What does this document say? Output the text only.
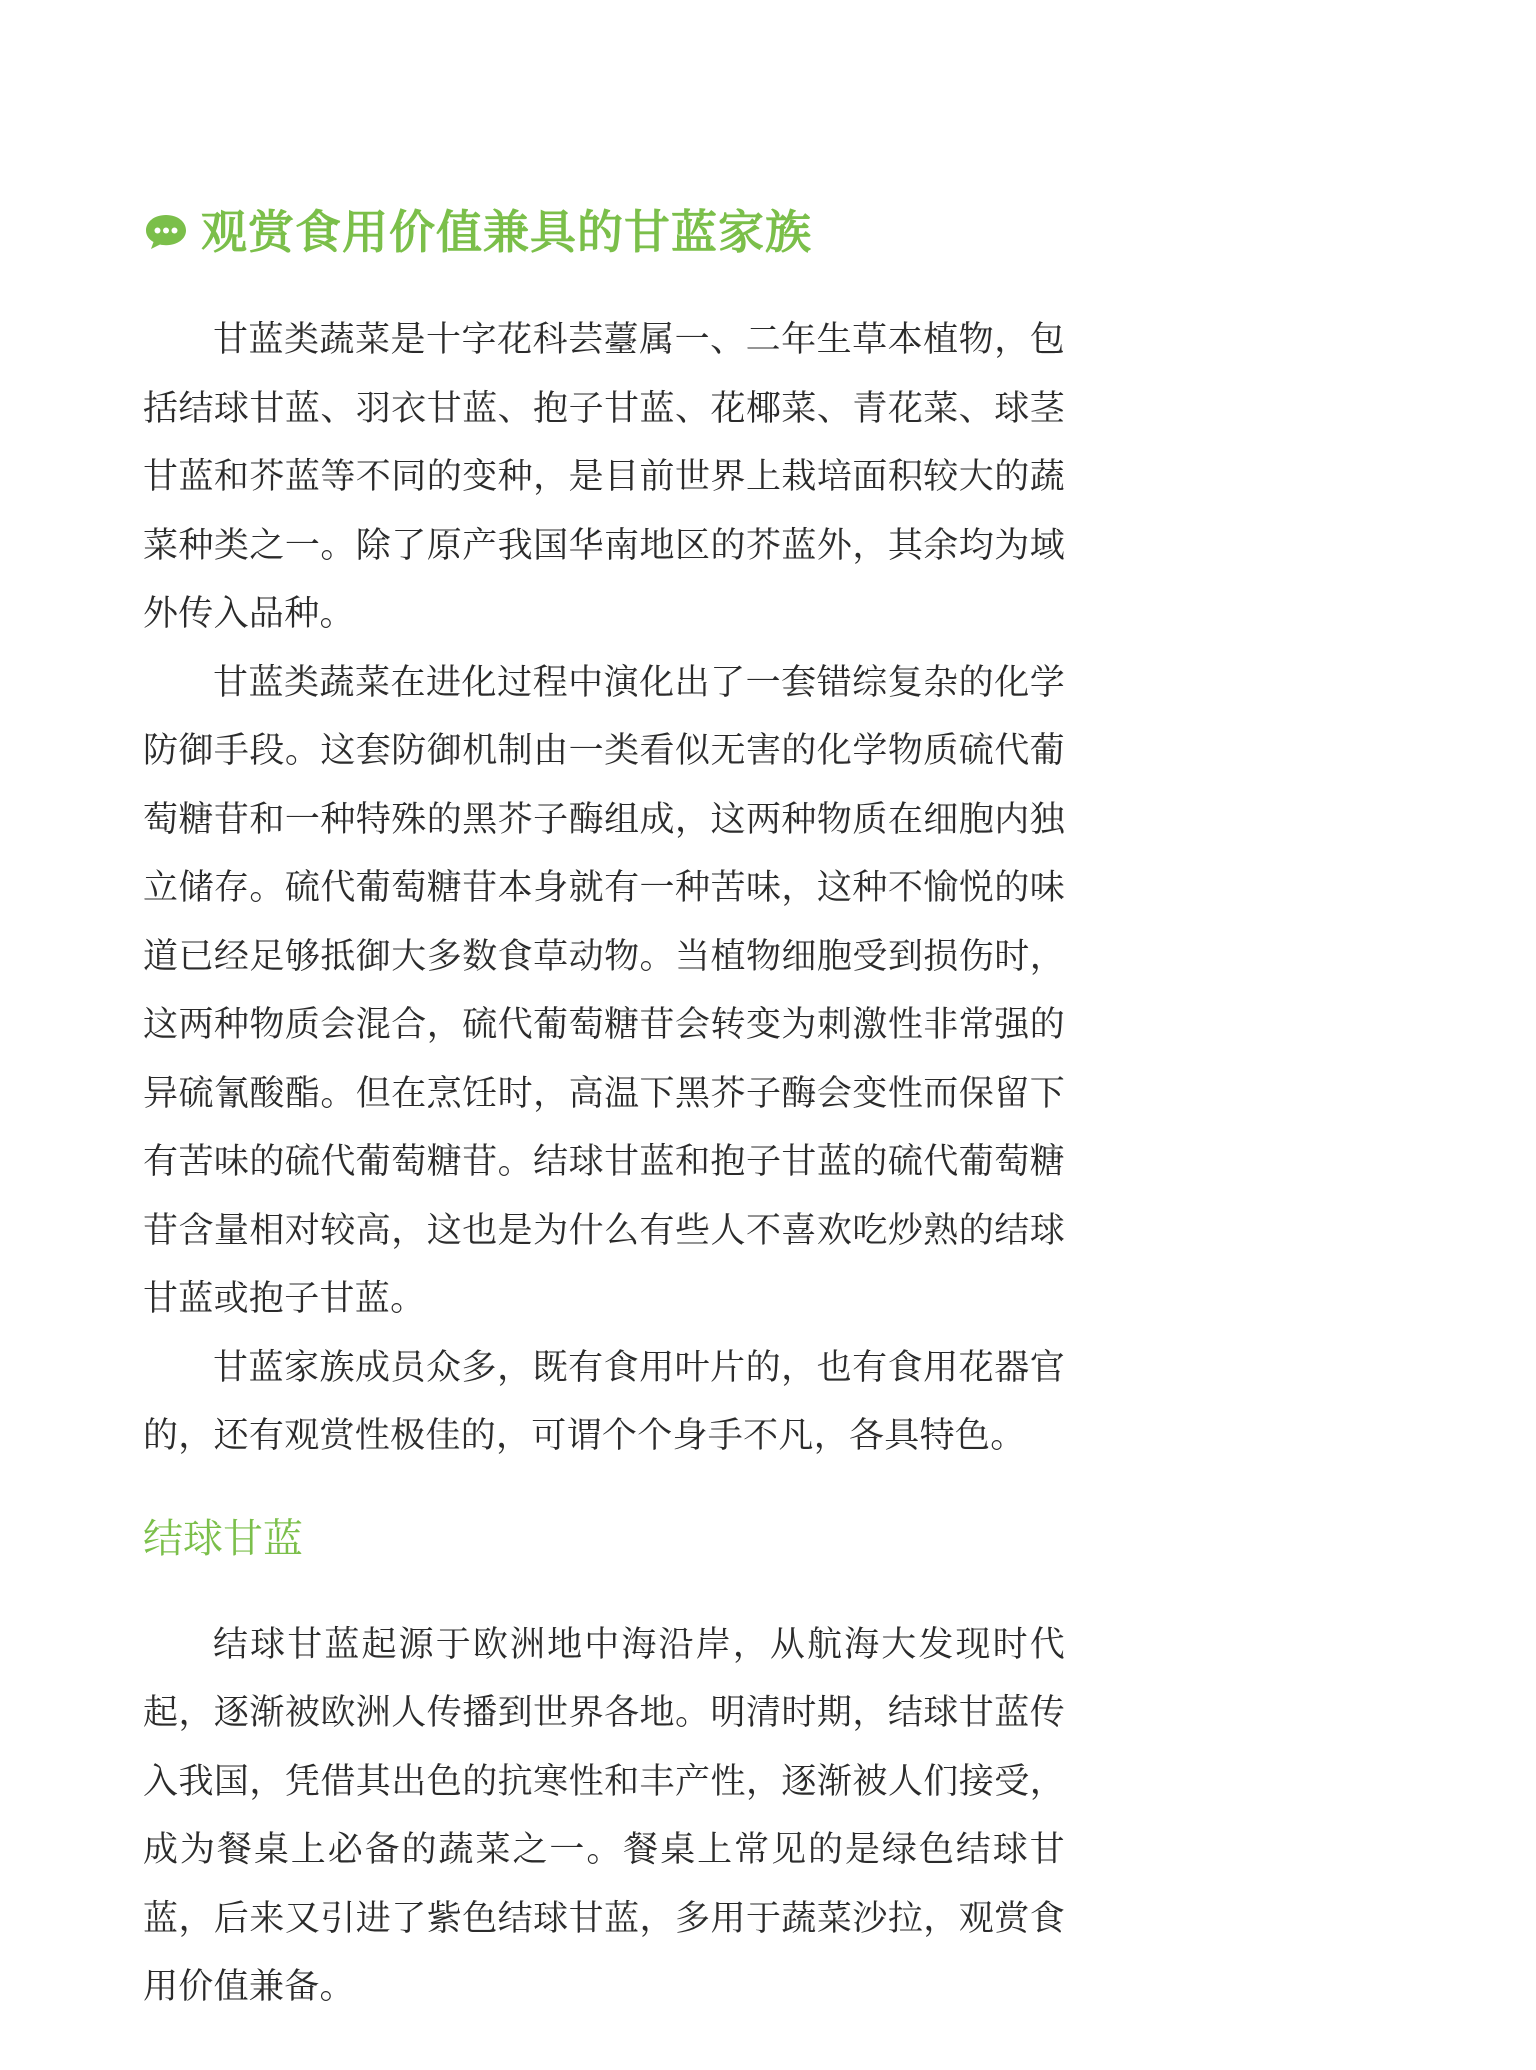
观赏食用价值兼具的甘蓝家族

甘蓝类蔬菜是十字花科芸薹属一、二年生草本植物，包括结球甘蓝、羽衣甘蓝、抱子甘蓝、花椰菜、青花菜、球茎甘蓝和芥蓝等不同的变种，是目前世界上栽培面积较大的蔬菜种类之一。除了原产我国华南地区的芥蓝外，其余均为域外传入品种。

甘蓝类蔬菜在进化过程中演化出了一套错综复杂的化学防御手段。这套防御机制由一类看似无害的化学物质硫代葡萄糖苷和一种特殊的黑芥子酶组成，这两种物质在细胞内独立储存。硫代葡萄糖苷本身就有一种苦味，这种不愉悦的味道已经足够抵御大多数食草动物。当植物细胞受到损伤时，这两种物质会混合，硫代葡萄糖苷会转变为刺激性非常强的异硫氰酸酯。但在烹饪时，高温下黑芥子酶会变性而保留下有苦味的硫代葡萄糖苷。结球甘蓝和抱子甘蓝的硫代葡萄糖苷含量相对较高，这也是为什么有些人不喜欢吃炒熟的结球甘蓝或抱子甘蓝。

甘蓝家族成员众多，既有食用叶片的，也有食用花器官的，还有观赏性极佳的，可谓个个身手不凡，各具特色。

结球甘蓝

结球甘蓝起源于欧洲地中海沿岸，从航海大发现时代起，逐渐被欧洲人传播到世界各地。明清时期，结球甘蓝传入我国，凭借其出色的抗寒性和丰产性，逐渐被人们接受，成为餐桌上必备的蔬菜之一。餐桌上常见的是绿色结球甘蓝，后来又引进了紫色结球甘蓝，多用于蔬菜沙拉，观赏食用价值兼备。
